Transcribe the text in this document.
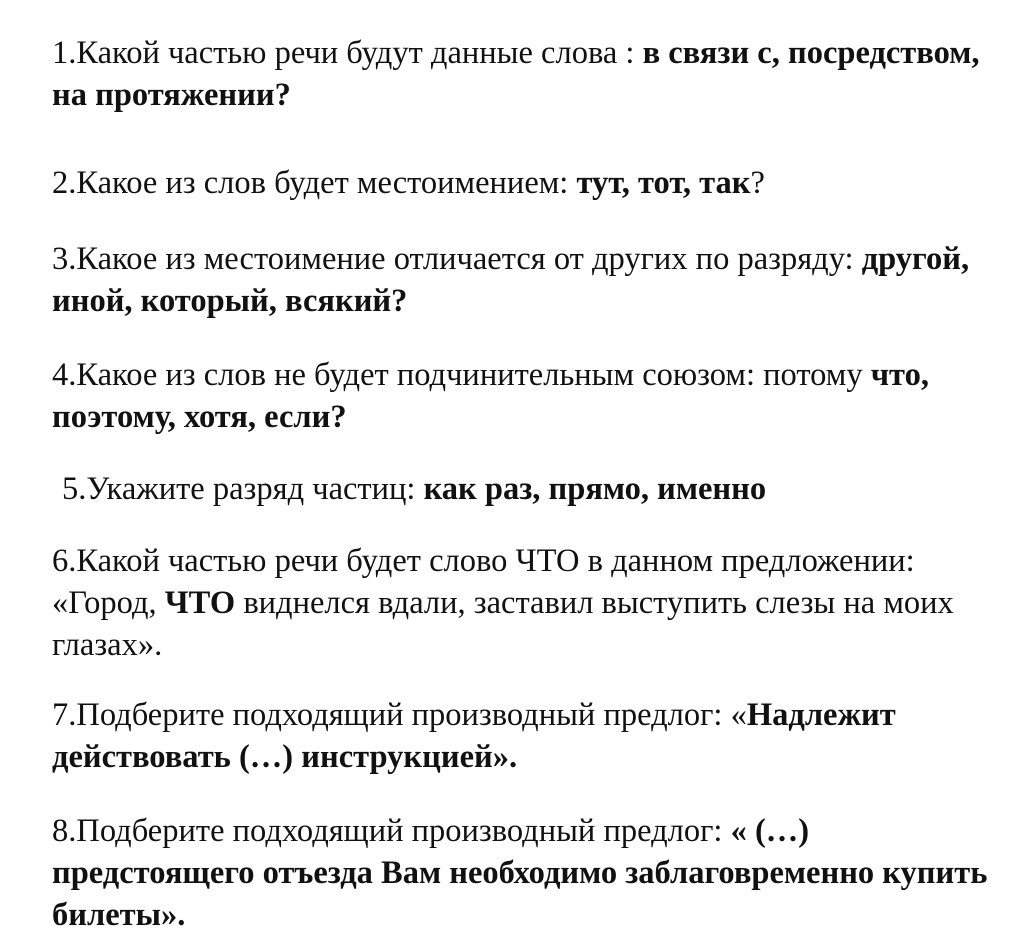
1.Какой частью речи будут данные слова : в связи с, посредством, на протяжении?

2.Какое из слов будет местоимением: тут, тот, так?

3.Какое из местоимение отличается от других по разряду: другой, иной, который, всякий?

4.Какое из слов не будет подчинительным союзом: потому что, поэтому, хотя, если?

5.Укажите разряд частиц: как раз, прямо, именно

6.Какой частью речи будет слово ЧТО в данном предложении: «Город, ЧТО виднелся вдали, заставил выступить слезы на моих глазах».

7.Подберите подходящий производный предлог: «Надлежит действовать (…) инструкцией».

8.Подберите подходящий производный предлог: « (…) предстоящего отъезда Вам необходимо заблаговременно купить билеты».
